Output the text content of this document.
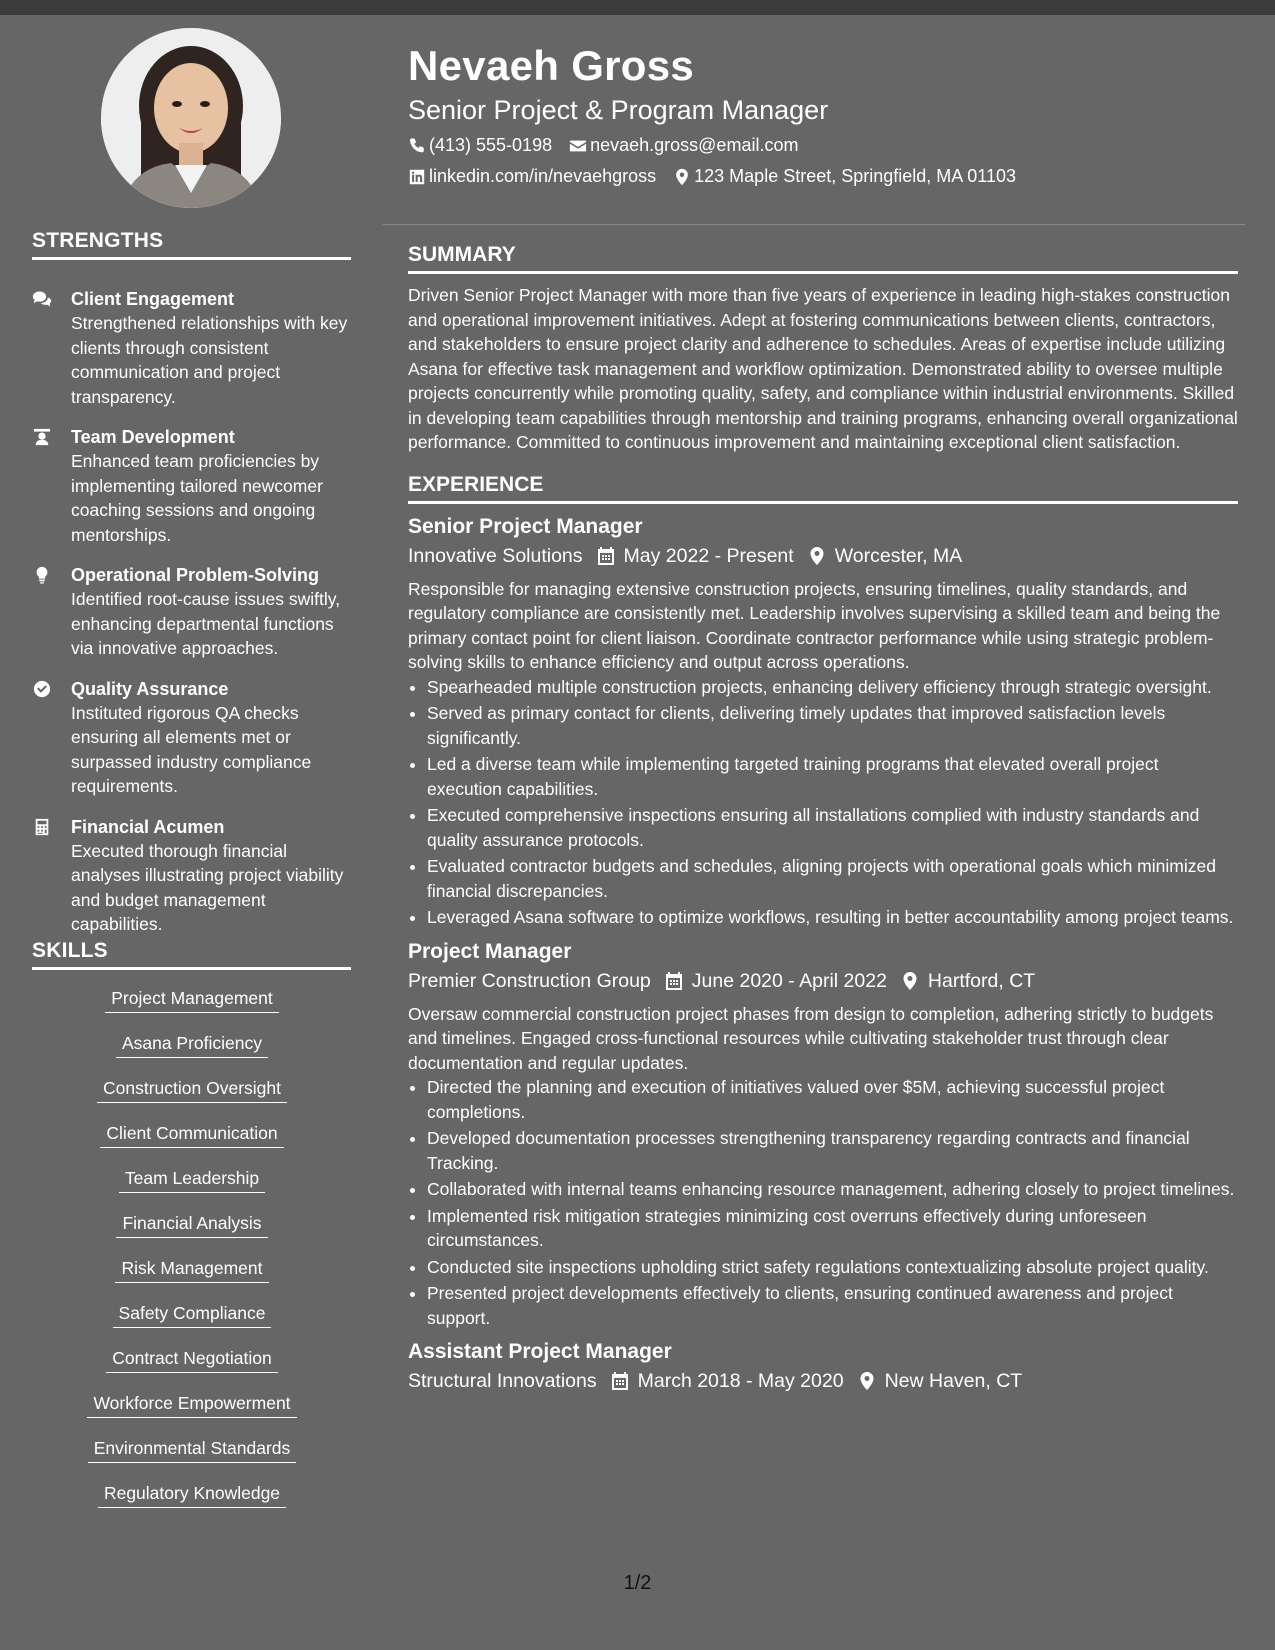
STRENGTHS
Client Engagement
Strengthened relationships with key clients through consistent communication and project transparency.
Team Development
Enhanced team proficiencies by implementing tailored newcomer coaching sessions and ongoing mentorships.
Operational Problem-Solving
Identified root-cause issues swiftly, enhancing departmental functions via innovative approaches.
Quality Assurance
Instituted rigorous QA checks ensuring all elements met or surpassed industry compliance requirements.
Financial Acumen
Executed thorough financial analyses illustrating project viability and budget management capabilities.
SKILLS
Project Management
Asana Proficiency
Construction Oversight
Client Communication
Team Leadership
Financial Analysis
Risk Management
Safety Compliance
Contract Negotiation
Workforce Empowerment
Environmental Standards
Regulatory Knowledge
Nevaeh Gross
Senior Project & Program Manager
(413) 555-0198 nevaeh.gross@email.com
linkedin.com/in/nevaehgross 123 Maple Street, Springfield, MA 01103
SUMMARY
Driven Senior Project Manager with more than five years of experience in leading high-stakes construction and operational improvement initiatives. Adept at fostering communications between clients, contractors, and stakeholders to ensure project clarity and adherence to schedules. Areas of expertise include utilizing Asana for effective task management and workflow optimization. Demonstrated ability to oversee multiple projects concurrently while promoting quality, safety, and compliance within industrial environments. Skilled in developing team capabilities through mentorship and training programs, enhancing overall organizational performance. Committed to continuous improvement and maintaining exceptional client satisfaction.
EXPERIENCE
Senior Project Manager
Innovative Solutions May 2022 - Present Worcester, MA
Responsible for managing extensive construction projects, ensuring timelines, quality standards, and regulatory compliance are consistently met. Leadership involves supervising a skilled team and being the primary contact point for client liaison. Coordinate contractor performance while using strategic problem-solving skills to enhance efficiency and output across operations.
• Spearheaded multiple construction projects, enhancing delivery efficiency through strategic oversight.
• Served as primary contact for clients, delivering timely updates that improved satisfaction levels significantly.
• Led a diverse team while implementing targeted training programs that elevated overall project execution capabilities.
• Executed comprehensive inspections ensuring all installations complied with industry standards and quality assurance protocols.
• Evaluated contractor budgets and schedules, aligning projects with operational goals which minimized financial discrepancies.
• Leveraged Asana software to optimize workflows, resulting in better accountability among project teams.
Project Manager
Premier Construction Group June 2020 - April 2022 Hartford, CT
Oversaw commercial construction project phases from design to completion, adhering strictly to budgets and timelines. Engaged cross-functional resources while cultivating stakeholder trust through clear documentation and regular updates.
• Directed the planning and execution of initiatives valued over $5M, achieving successful project completions.
• Developed documentation processes strengthening transparency regarding contracts and financial Tracking.
• Collaborated with internal teams enhancing resource management, adhering closely to project timelines.
• Implemented risk mitigation strategies minimizing cost overruns effectively during unforeseen circumstances.
• Conducted site inspections upholding strict safety regulations contextualizing absolute project quality.
• Presented project developments effectively to clients, ensuring continued awareness and project support.
Assistant Project Manager
Structural Innovations March 2018 - May 2020 New Haven, CT
1/2
